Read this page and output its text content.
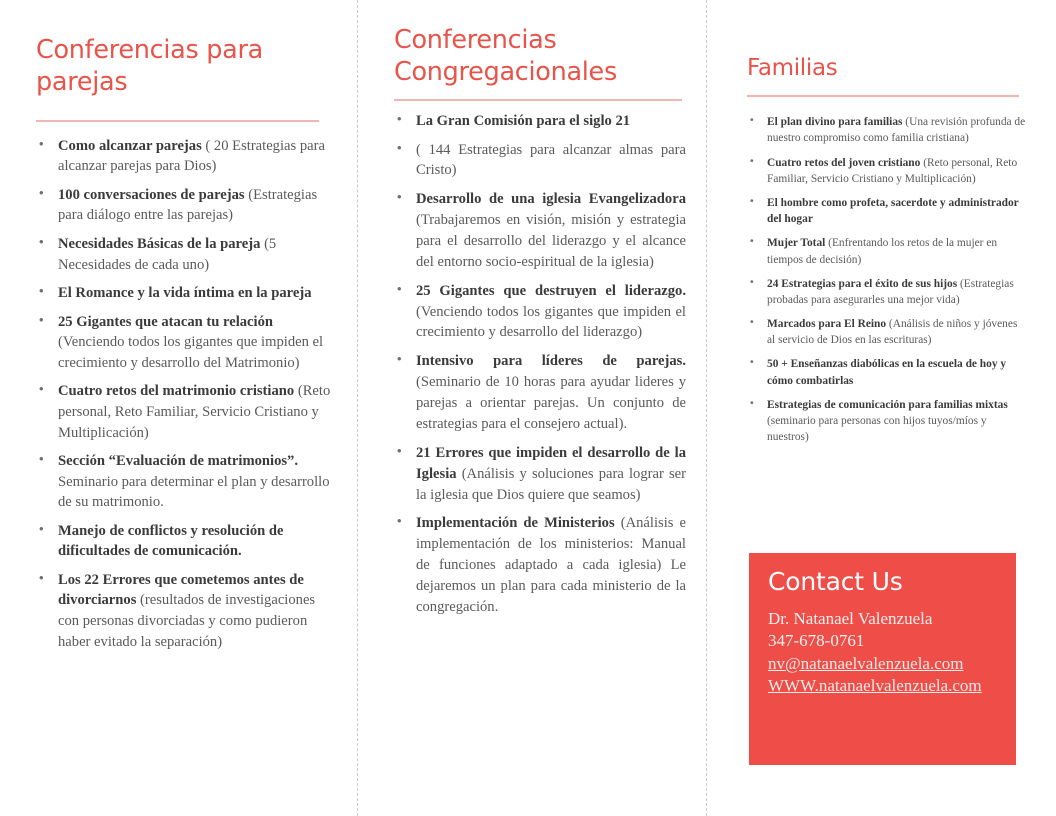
Conferencias para parejas
• Como alcanzar parejas ( 20 Estrategias para alcanzar parejas para Dios)
• 100 conversaciones de parejas (Estrategias para diálogo entre las parejas)
• Necesidades Básicas de la pareja (5 Necesidades de cada uno)
• El Romance y la vida íntima en la pareja
• 25 Gigantes que atacan tu relación (Venciendo todos los gigantes que impiden el crecimiento y desarrollo del Matrimonio)
• Cuatro retos del matrimonio cristiano (Reto personal, Reto Familiar, Servicio Cristiano y Multiplicación)
• Sección “Evaluación de matrimonios”. Seminario para determinar el plan y desarrollo de su matrimonio.
• Manejo de conflictos y resolución de dificultades de comunicación.
• Los 22 Errores que cometemos antes de divorciarnos (resultados de investigaciones con personas divorciadas y como pudieron haber evitado la separación)
Conferencias Congregacionales
• La Gran Comisión para el siglo 21
• ( 144 Estrategias para alcanzar almas para Cristo)
• Desarrollo de una iglesia Evangelizadora (Trabajaremos en visión, misión y estrategia para el desarrollo del liderazgo y el alcance del entorno socio-espiritual de la iglesia)
• 25 Gigantes que destruyen el liderazgo. (Venciendo todos los gigantes que impiden el crecimiento y desarrollo del liderazgo)
• Intensivo para líderes de parejas. (Seminario de 10 horas para ayudar lideres y parejas a orientar parejas. Un conjunto de estrategias para el consejero actual).
• 21 Errores que impiden el desarrollo de la Iglesia (Análisis y soluciones para lograr ser la iglesia que Dios quiere que seamos)
• Implementación de Ministerios (Análisis e implementación de los ministerios: Manual de funciones adaptado a cada iglesia) Le dejaremos un plan para cada ministerio de la congregación.
Familias
• El plan divino para familias (Una revisión profunda de nuestro compromiso como familia cristiana)
• Cuatro retos del joven cristiano (Reto personal, Reto Familiar, Servicio Cristiano y Multiplicación)
• El hombre como profeta, sacerdote y administrador del hogar
• Mujer Total (Enfrentando los retos de la mujer en tiempos de decisión)
• 24 Estrategias para el éxito de sus hijos (Estrategias probadas para asegurarles una mejor vida)
• Marcados para El Reino (Análisis de niños y jóvenes al servicio de Dios en las escrituras)
• 50 + Enseñanzas diabólicas en la escuela de hoy y cómo combatirlas
• Estrategias de comunicación para familias mixtas (seminario para personas con hijos tuyos/míos y nuestros)
Contact Us
Dr. Natanael Valenzuela
347-678-0761
nv@natanaelvalenzuela.com
WWW.natanaelvalenzuela.com
